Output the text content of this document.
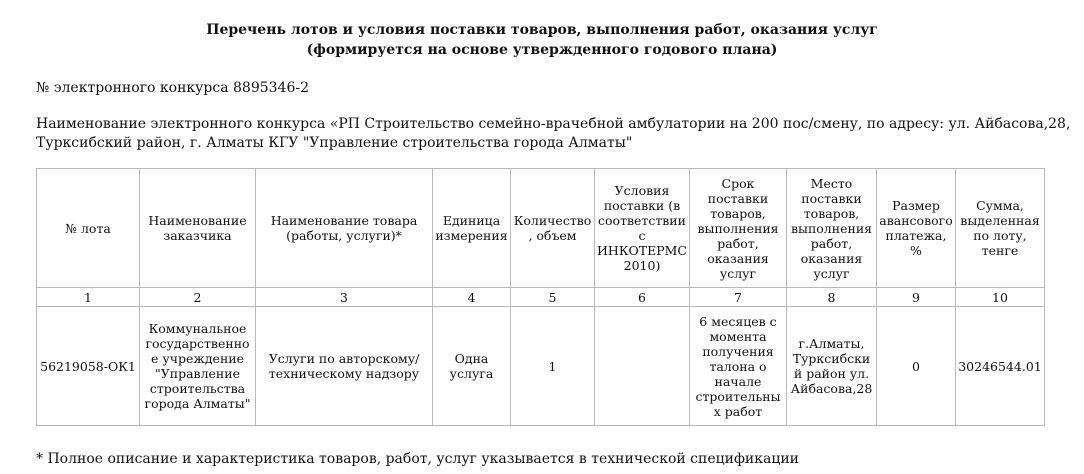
Перечень лотов и условия поставки товаров, выполнения работ, оказания услуг
(формируется на основе утвержденного годового плана)
№ электронного конкурса 8895346-2
Наименование электронного конкурса «РП Строительство семейно-врачебной амбулатории на 200 пос/смену, по адресу: ул. Айбасова,28,
Турксибский район, г. Алматы КГУ "Управление строительства города Алматы"
№ лота	Наименование заказчика	Наименование товара (работы, услуги)*	Единица измерения	Количество, объем	Условия поставки (в соответствии с ИНКОТЕРМС 2010)	Срок поставки товаров, выполнения работ, оказания услуг	Место поставки товаров, выполнения работ, оказания услуг	Размер авансового платежа, %	Сумма, выделенная по лоту, тенге
1	2	3	4	5	6	7	8	9	10
56219058-ОК1	Коммунальное государственное учреждение "Управление строительства города Алматы"	Услуги по авторскому/техническому надзору	Одна услуга	1		6 месяцев с момента получения талона о начале строительных работ	г.Алматы, Турксибский район ул. Айбасова,28	0	30246544.01
* Полное описание и характеристика товаров, работ, услуг указывается в технической спецификации
